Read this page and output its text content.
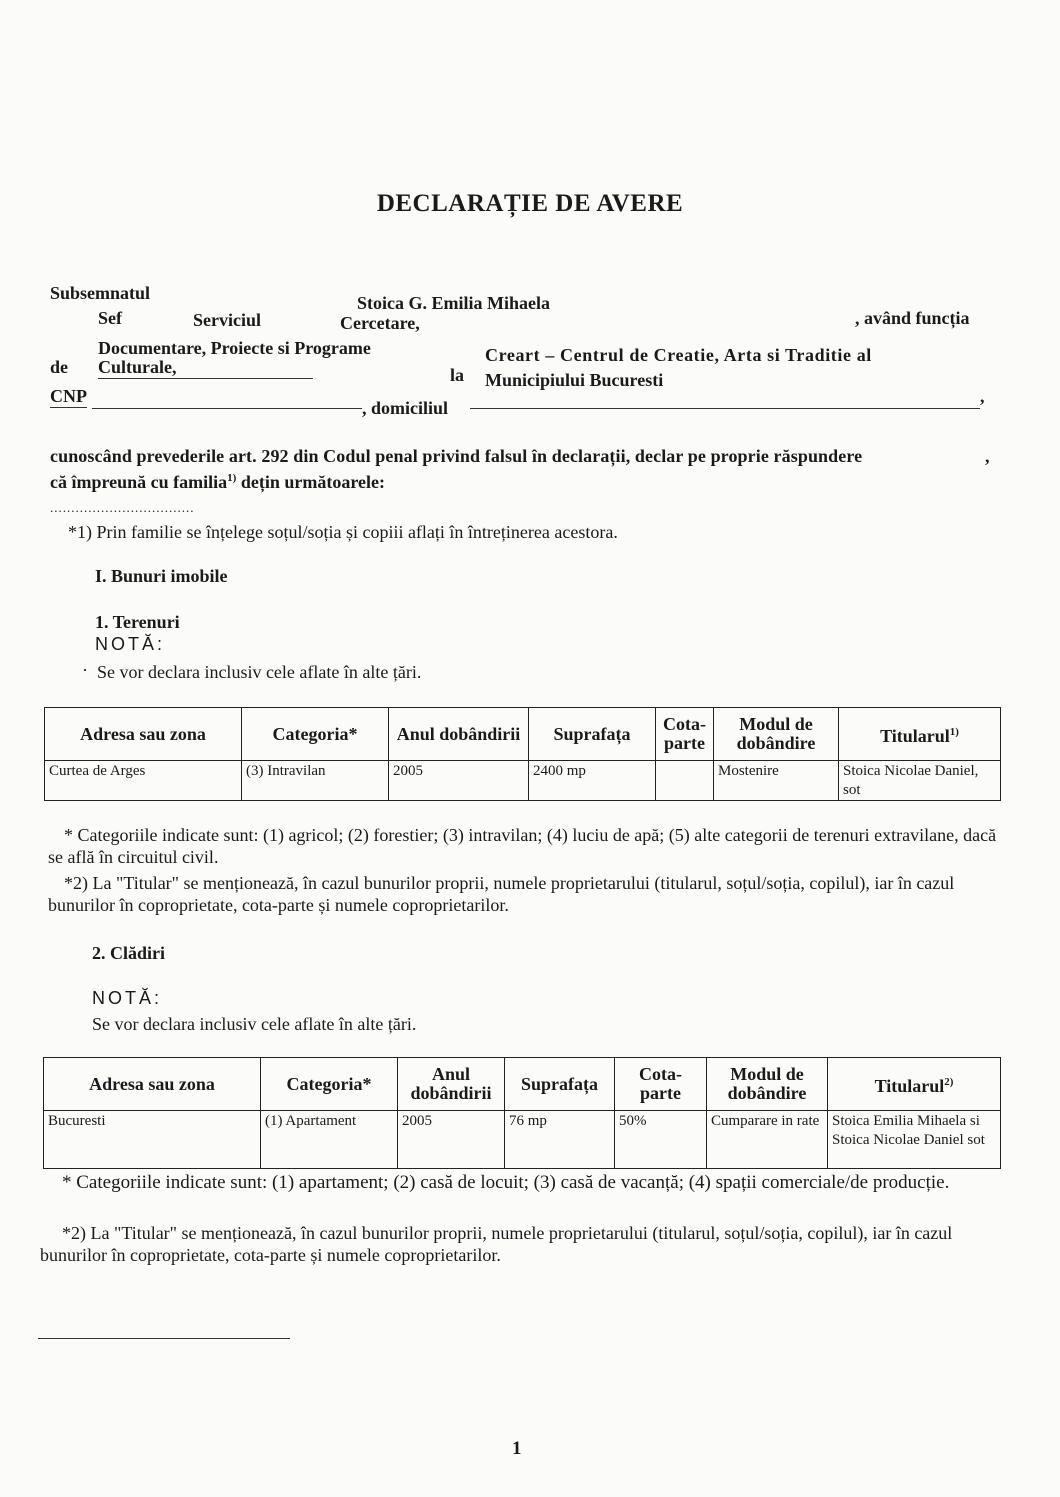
DECLARAȚIE DE AVERE
Subsemnatul	Stoica G. Emilia Mihaela
, având funcția
Sef	Serviciul	Cercetare,
Documentare, Proiecte si Programe
de Culturale,	la
Creart – Centrul de Creatie, Arta si Traditie al
Municipiului Bucuresti
CNP
, domiciliul
,
cunoscând prevederile art. 292 din Codul penal privind falsul în declarații, declar pe proprie răspundere	,
că împreună cu familia$^{1)}$ dețin următoarele:
..................................
*1) Prin familie se înțelege soțul/soția și copiii aflați în întreținerea acestora.
I. Bunuri imobile
1. Terenuri
NOTĂ:
· Se vor declara inclusiv cele aflate în alte țări.
Adresa sau zona	Categoria*	Anul dobândirii	Suprafața	Cota-parte	Modul de dobândire	Titularul$^{1)}$
Curtea de Arges	(3) Intravilan	2005	2400 mp		Mostenire	Stoica Nicolae Daniel, sot
* Categoriile indicate sunt: (1) agricol; (2) forestier; (3) intravilan; (4) luciu de apă; (5) alte categorii de terenuri extravilane, dacă se află în circuitul civil.
*2) La "Titular" se menționează, în cazul bunurilor proprii, numele proprietarului (titularul, soțul/soția, copilul), iar în cazul bunurilor în coproprietate, cota-parte și numele coproprietarilor.
2. Clădiri
NOTĂ:
Se vor declara inclusiv cele aflate în alte țări.
Adresa sau zona	Categoria*	Anul dobândirii	Suprafața	Cota-parte	Modul de dobândire	Titularul$^{2)}$
Bucuresti	(1) Apartament	2005	76 mp	50%	Cumparare in rate	Stoica Emilia Mihaela si Stoica Nicolae Daniel sot
* Categoriile indicate sunt: (1) apartament; (2) casă de locuit; (3) casă de vacanță; (4) spații comerciale/de producție.
*2) La "Titular" se menționează, în cazul bunurilor proprii, numele proprietarului (titularul, soțul/soția, copilul), iar în cazul bunurilor în coproprietate, cota-parte și numele coproprietarilor.
1
